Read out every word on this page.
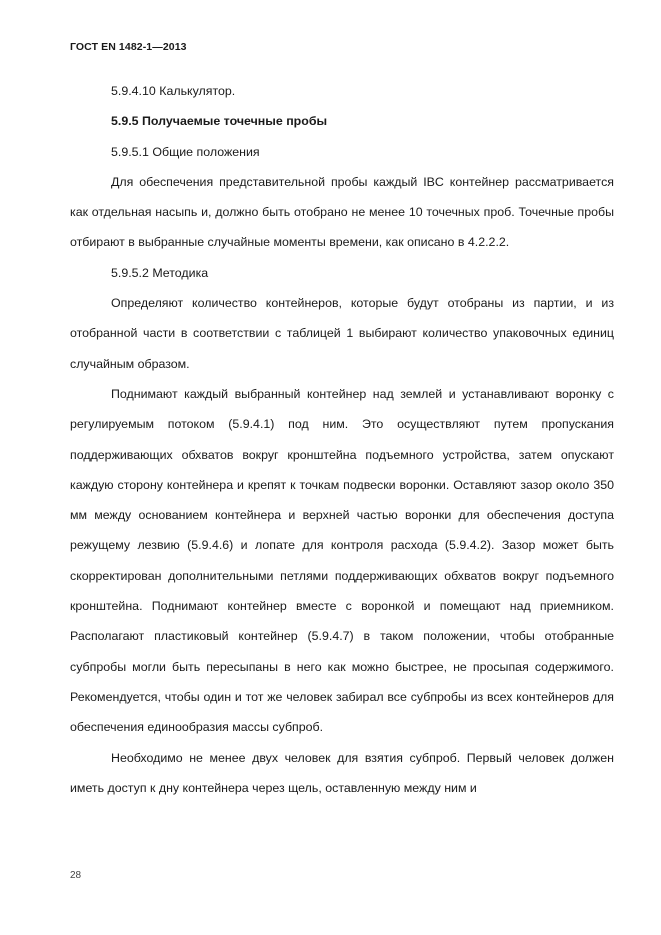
ГОСТ EN 1482-1—2013

5.9.4.10 Калькулятор.

5.9.5 Получаемые точечные пробы

5.9.5.1 Общие положения

Для обеспечения представительной пробы каждый IBC контейнер рассматривается как отдельная насыпь и, должно быть отобрано не менее 10 точечных проб. Точечные пробы отбирают в выбранные случайные моменты времени, как описано в 4.2.2.2.

5.9.5.2 Методика

Определяют количество контейнеров, которые будут отобраны из партии, и из отобранной части в соответствии с таблицей 1 выбирают количество упаковочных единиц случайным образом.

Поднимают каждый выбранный контейнер над землей и устанавливают воронку с регулируемым потоком (5.9.4.1) под ним. Это осуществляют путем пропускания поддерживающих обхватов вокруг кронштейна подъемного устройства, затем опускают каждую сторону контейнера и крепят к точкам подвески воронки. Оставляют зазор около 350 мм между основанием контейнера и верхней частью воронки для обеспечения доступа режущему лезвию (5.9.4.6) и лопате для контроля расхода (5.9.4.2). Зазор может быть скорректирован дополнительными петлями поддерживающих обхватов вокруг подъемного кронштейна. Поднимают контейнер вместе с воронкой и помещают над приемником. Располагают пластиковый контейнер (5.9.4.7) в таком положении, чтобы отобранные субпробы могли быть пересыпаны в него как можно быстрее, не просыпая содержимого. Рекомендуется, чтобы один и тот же человек забирал все субпробы из всех контейнеров для обеспечения единообразия массы субпроб.

Необходимо не менее двух человек для взятия субпроб. Первый человек должен иметь доступ к дну контейнера через щель, оставленную между ним и

28
